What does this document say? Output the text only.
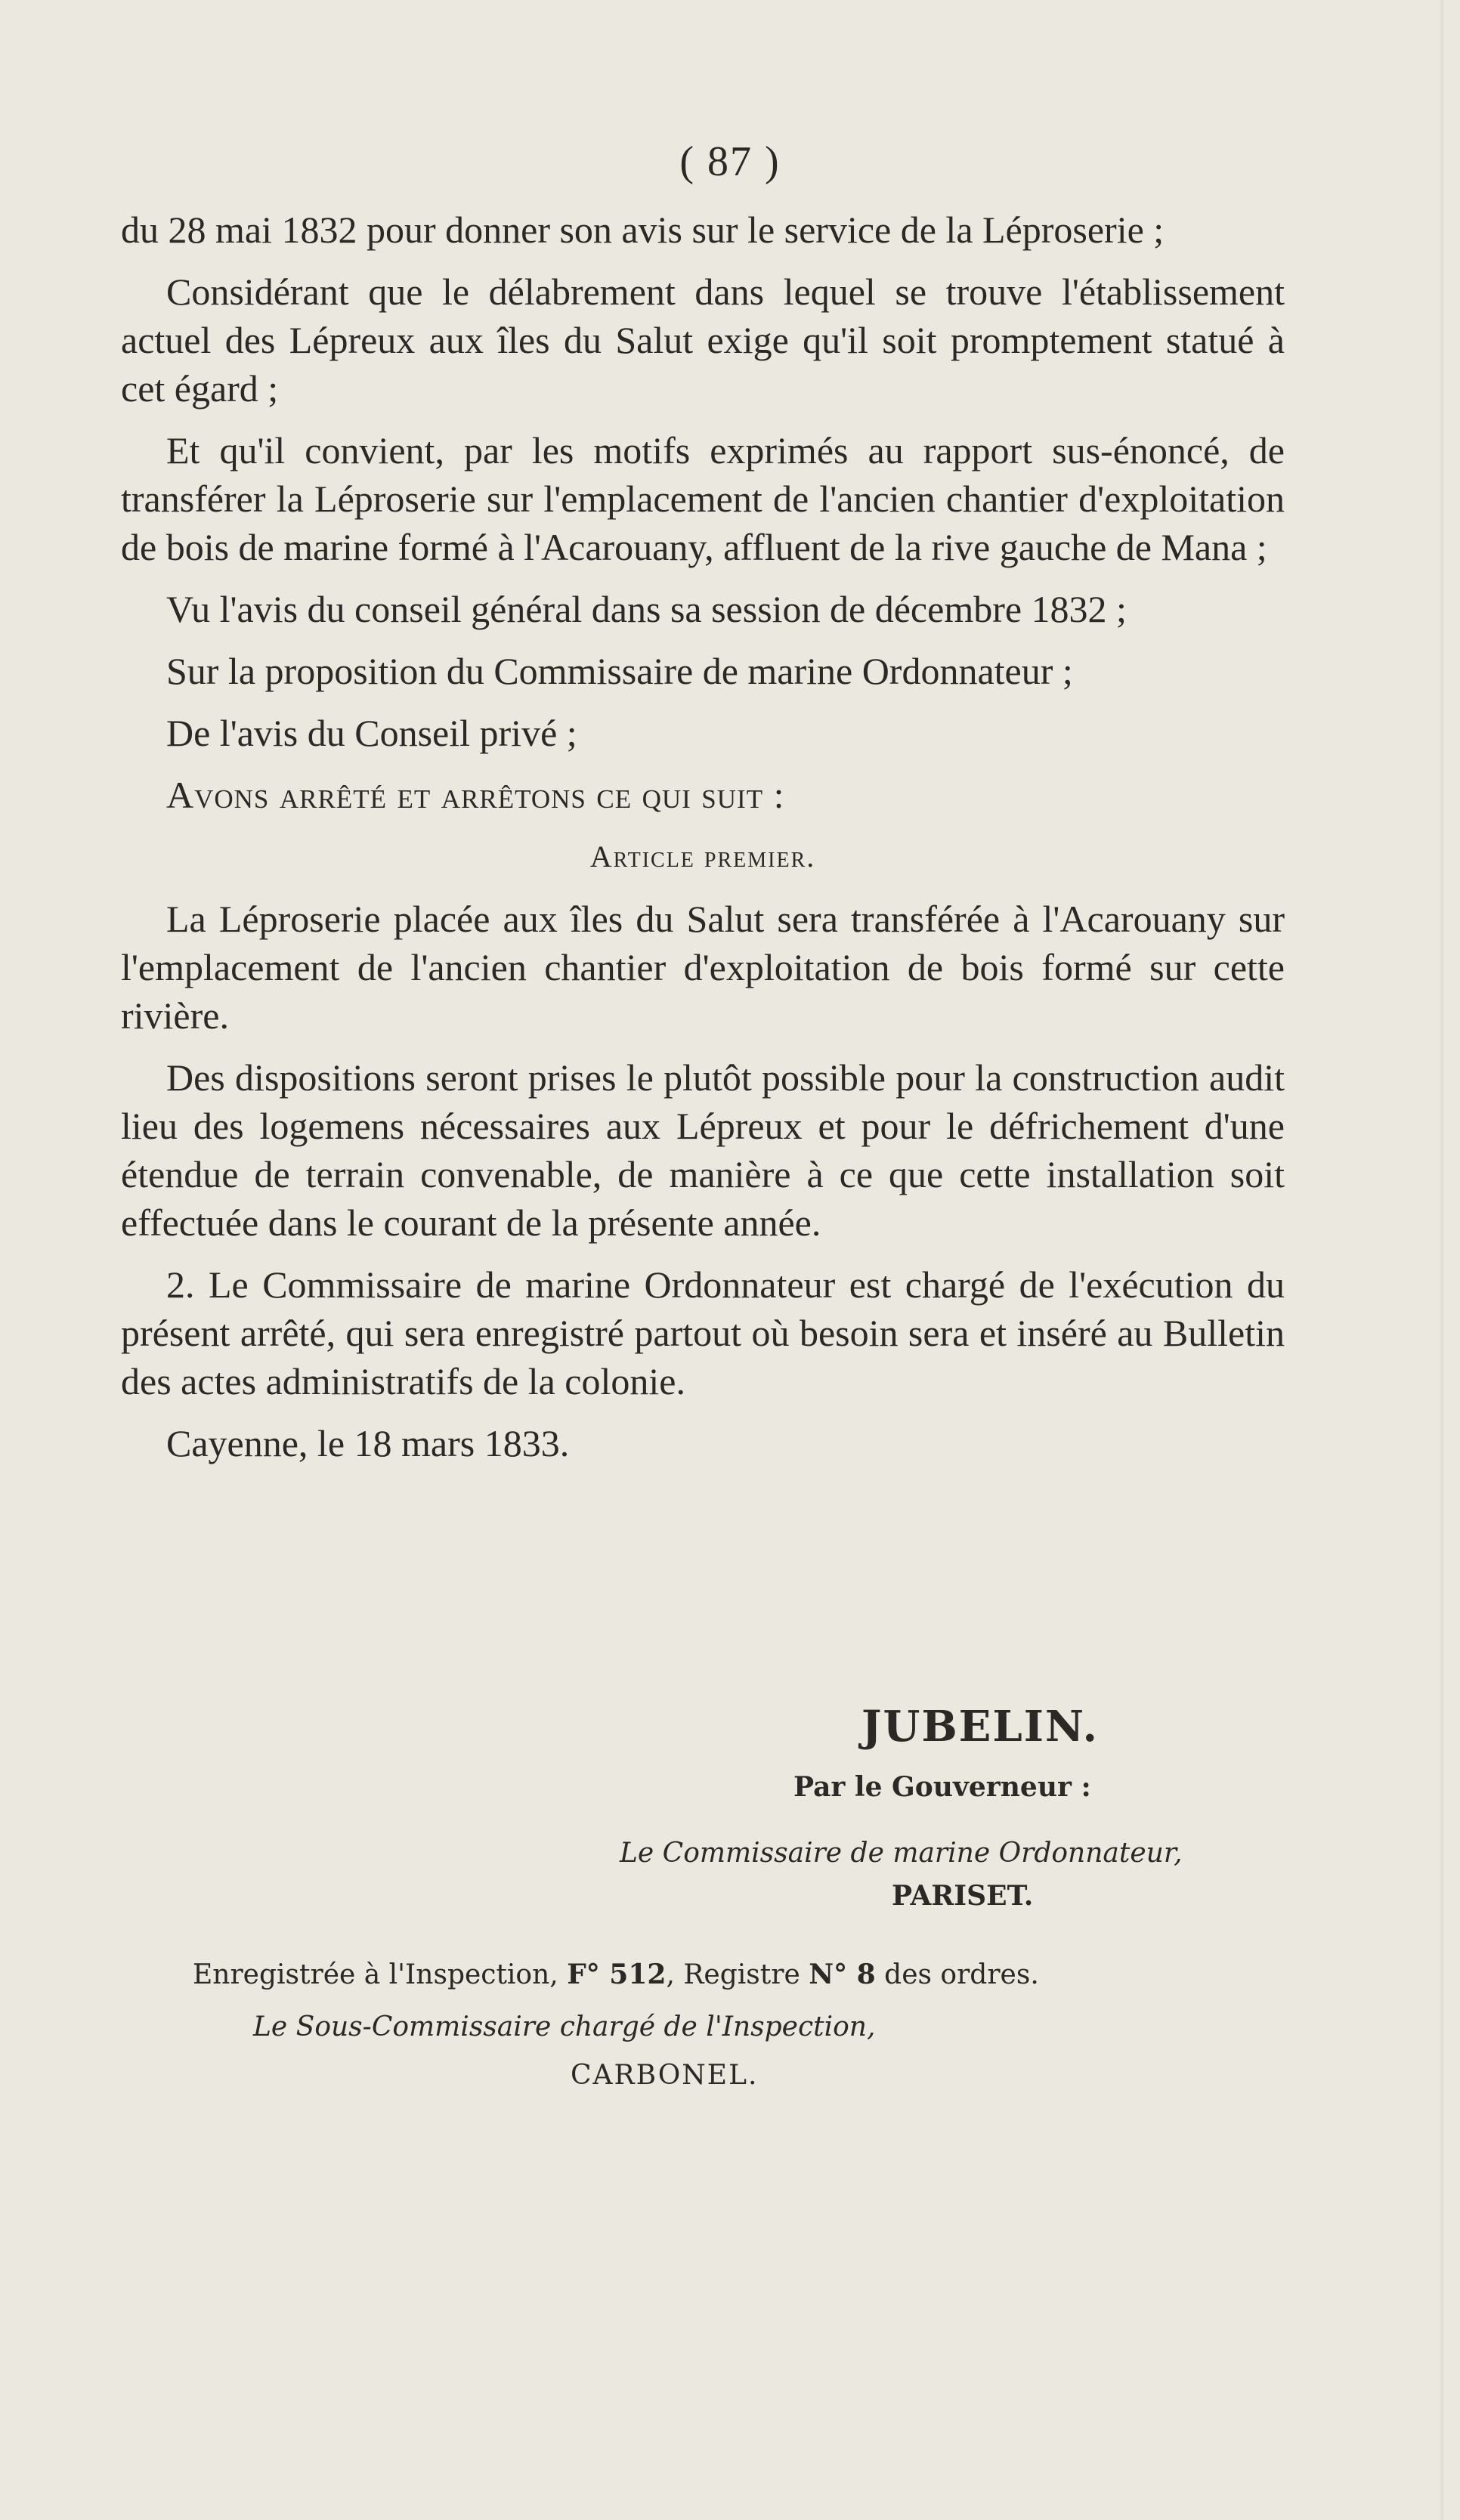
( 87 )

du 28 mai 1832 pour donner son avis sur le service de la Léproserie ;

Considérant que le délabrement dans lequel se trouve l'établissement actuel des Lépreux aux îles du Salut exige qu'il soit promptement statué à cet égard ;

Et qu'il convient, par les motifs exprimés au rapport sus-énoncé, de transférer la Léproserie sur l'emplacement de l'ancien chantier d'exploitation de bois de marine formé à l'Acarouany, affluent de la rive gauche de Mana ;

Vu l'avis du conseil général dans sa session de décembre 1832 ;

Sur la proposition du Commissaire de marine Ordonnateur ;

De l'avis du Conseil privé ;

Avons arrêté et arrêtons ce qui suit :

Article premier.

La Léproserie placée aux îles du Salut sera transférée à l'Acarouany sur l'emplacement de l'ancien chantier d'exploitation de bois formé sur cette rivière.

Des dispositions seront prises le plutôt possible pour la construction audit lieu des logemens nécessaires aux Lépreux et pour le défrichement d'une étendue de terrain convenable, de manière à ce que cette installation soit effectuée dans le courant de la présente année.

2. Le Commissaire de marine Ordonnateur est chargé de l'exécution du présent arrêté, qui sera enregistré partout où besoin sera et inséré au Bulletin des actes administratifs de la colonie.

Cayenne, le 18 mars 1833.

JUBELIN.
Par le Gouverneur :
Le Commissaire de marine Ordonnateur,
PARISET.
Enregistrée à l'Inspection, F° 512, Registre N° 8 des ordres.
Le Sous-Commissaire chargé de l'Inspection,
CARBONEL.
